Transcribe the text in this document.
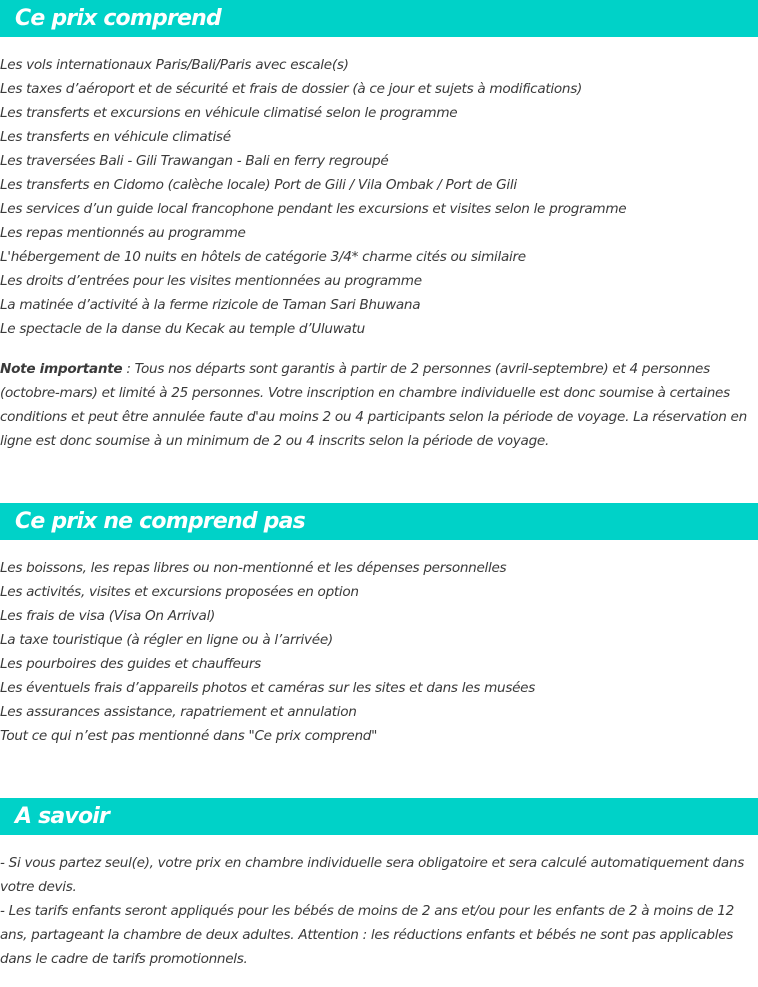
Ce prix comprend
Les vols internationaux Paris/Bali/Paris avec escale(s)
Les taxes d’aéroport et de sécurité et frais de dossier (à ce jour et sujets à modifications)
Les transferts et excursions en véhicule climatisé selon le programme
Les transferts en véhicule climatisé
Les traversées Bali - Gili Trawangan - Bali en ferry regroupé
Les transferts en Cidomo (calèche locale) Port de Gili / Vila Ombak / Port de Gili
Les services d’un guide local francophone pendant les excursions et visites selon le programme
Les repas mentionnés au programme
L'hébergement de 10 nuits en hôtels de catégorie 3/4* charme cités ou similaire
Les droits d’entrées pour les visites mentionnées au programme
La matinée d’activité à la ferme rizicole de Taman Sari Bhuwana
Le spectacle de la danse du Kecak au temple d’Uluwatu

Note importante : Tous nos départs sont garantis à partir de 2 personnes (avril-septembre) et 4 personnes (octobre-mars) et limité à 25 personnes. Votre inscription en chambre individuelle est donc soumise à certaines conditions et peut être annulée faute d'au moins 2 ou 4 participants selon la période de voyage. La réservation en ligne est donc soumise à un minimum de 2 ou 4 inscrits selon la période de voyage.

Ce prix ne comprend pas
Les boissons, les repas libres ou non-mentionné et les dépenses personnelles
Les activités, visites et excursions proposées en option
Les frais de visa (Visa On Arrival)
La taxe touristique (à régler en ligne ou à l’arrivée)
Les pourboires des guides et chauffeurs
Les éventuels frais d’appareils photos et caméras sur les sites et dans les musées
Les assurances assistance, rapatriement et annulation
Tout ce qui n’est pas mentionné dans "Ce prix comprend"
A savoir
- Si vous partez seul(e), votre prix en chambre individuelle sera obligatoire et sera calculé automatiquement dans votre devis.
- Les tarifs enfants seront appliqués pour les bébés de moins de 2 ans et/ou pour les enfants de 2 à moins de 12 ans, partageant la chambre de deux adultes. Attention : les réductions enfants et bébés ne sont pas applicables dans le cadre de tarifs promotionnels.
